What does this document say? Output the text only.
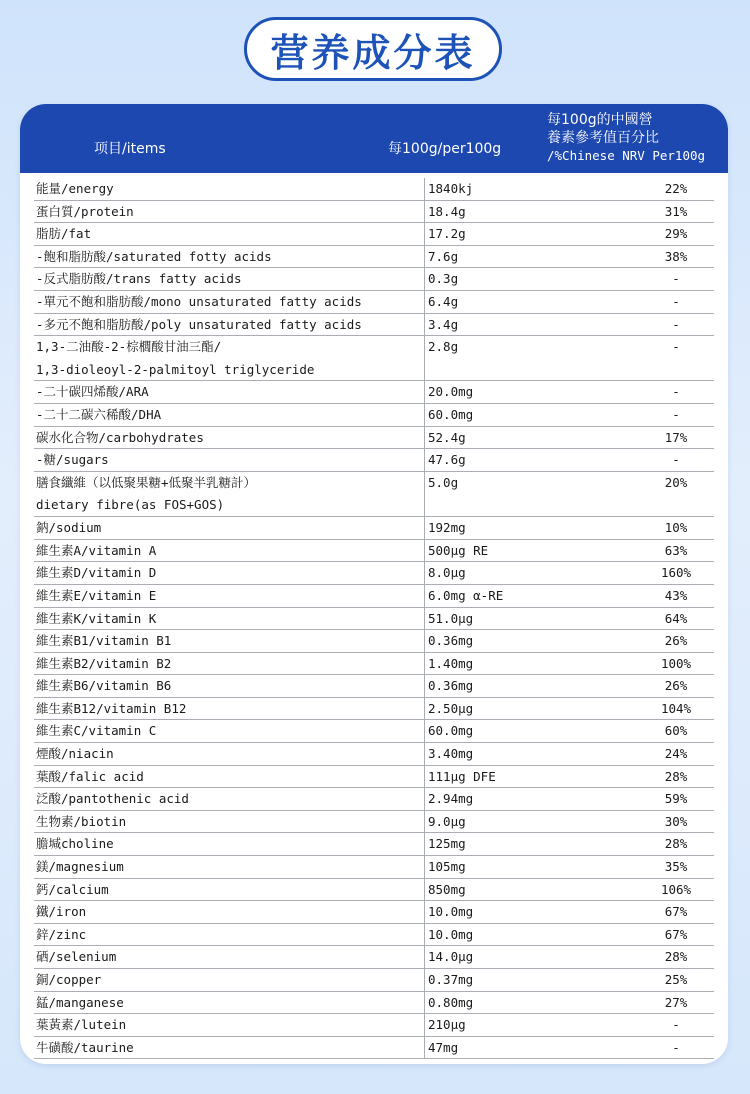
营养成分表
项目/items	每100g/per100g
每100g的中國營
養素參考值百分比
/%Chinese NRV Per100g
能量/energy	1840kj	22%
蛋白質/protein	18.4g	31%
脂肪/fat	17.2g	29%
-飽和脂肪酸/saturated fotty acids	7.6g	38%
-反式脂肪酸/trans fatty acids	0.3g	-
-單元不飽和脂肪酸/mono unsaturated fatty acids	6.4g	-
-多元不飽和脂肪酸/poly unsaturated fatty acids	3.4g	-
1,3-二油酸-2-棕櫚酸甘油三酯/
1,3-dioleoyl-2-palmitoyl triglyceride
2.8g	-
-二十碳四烯酸/ARA	20.0mg	-
-二十二碳六稀酸/DHA	60.0mg	-
碳水化合物/carbohydrates	52.4g	17%
-糖/sugars	47.6g	-
膳食纖維（以低聚果糖+低聚半乳糖計）
dietary fibre(as FOS+GOS)
5.0g	20%
鈉/sodium	192mg	10%
維生素A/vitamin A	500μg RE	63%
維生素D/vitamin D	8.0μg	160%
維生素E/vitamin E	6.0mg α-RE	43%
維生素K/vitamin K	51.0μg	64%
維生素B1/vitamin B1	0.36mg	26%
維生素B2/vitamin B2	1.40mg	100%
維生素B6/vitamin B6	0.36mg	26%
維生素B12/vitamin B12	2.50μg	104%
維生素C/vitamin C	60.0mg	60%
煙酸/niacin	3.40mg	24%
葉酸/falic acid	111μg DFE	28%
泛酸/pantothenic acid	2.94mg	59%
生物素/biotin	9.0μg	30%
膽堿choline	125mg	28%
鎂/magnesium	105mg	35%
鈣/calcium	850mg	106%
鐵/iron	10.0mg	67%
鋅/zinc	10.0mg	67%
硒/selenium	14.0μg	28%
銅/copper	0.37mg	25%
錳/manganese	0.80mg	27%
葉黃素/lutein	210μg	-
牛磺酸/taurine	47mg	-
